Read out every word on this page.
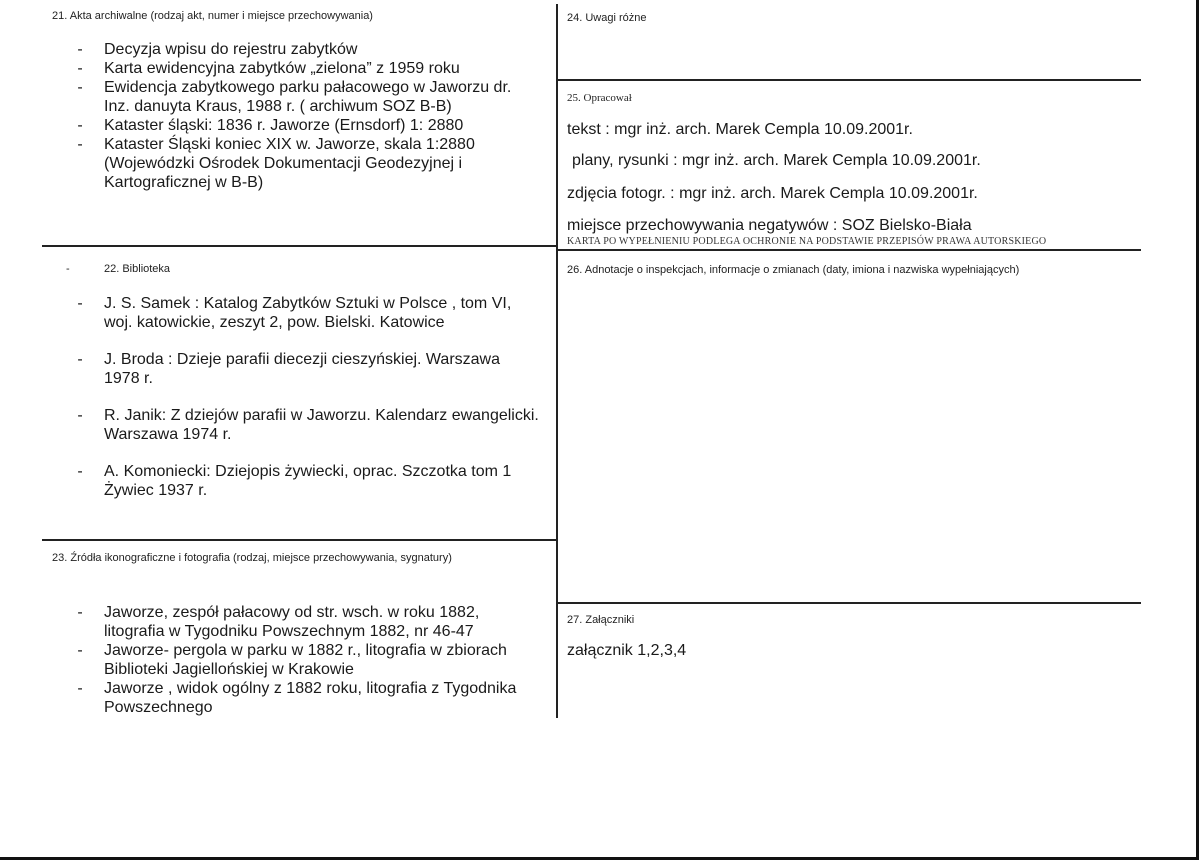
21. Akta archiwalne (rodzaj akt, numer i miejsce przechowywania)
-	Decyzja wpisu do rejestru zabytków
-	Karta ewidencyjna zabytków „zielona” z 1959 roku
-	Ewidencja zabytkowego parku pałacowego w Jaworzu dr. Inz. danuyta Kraus, 1988 r. ( archiwum SOZ B-B)
-	Kataster śląski: 1836 r. Jaworze (Ernsdorf) 1: 2880
-	Kataster Śląski koniec XIX w. Jaworze, skala 1:2880 (Wojewódzki Ośrodek Dokumentacji Geodezyjnej i Kartograficznej w B-B)
-	22. Biblioteka
-	J. S. Samek : Katalog Zabytków Sztuki w Polsce , tom VI, woj. katowickie, zeszyt 2, pow. Bielski. Katowice
-	J. Broda : Dzieje parafii diecezji cieszyńskiej. Warszawa 1978 r.
-	R. Janik: Z dziejów parafii w Jaworzu. Kalendarz ewangelicki. Warszawa 1974 r.
-	A. Komoniecki: Dziejopis żywiecki, oprac. Szczotka tom 1 Żywiec 1937 r.
23. Źródła ikonograficzne i fotografia (rodzaj, miejsce przechowywania, sygnatury)
-	Jaworze, zespół pałacowy od str. wsch. w roku 1882, litografia w Tygodniku Powszechnym 1882, nr 46-47
-	Jaworze- pergola w parku w 1882 r., litografia w zbiorach Biblioteki Jagiellońskiej w Krakowie
-	Jaworze , widok ogólny z 1882 roku, litografia z Tygodnika Powszechnego
24. Uwagi różne
25. Opracował
tekst : mgr inż. arch. Marek Cempla 10.09.2001r.
plany, rysunki : mgr inż. arch. Marek Cempla 10.09.2001r.
zdjęcia fotogr. : mgr inż. arch. Marek Cempla 10.09.2001r.
miejsce przechowywania negatywów : SOZ Bielsko-Biała
KARTA PO WYPEŁNIENIU PODLEGA OCHRONIE NA PODSTAWIE PRZEPISÓW PRAWA AUTORSKIEGO
26. Adnotacje o inspekcjach, informacje o zmianach (daty, imiona i nazwiska wypełniających)
27. Załączniki
załącznik 1,2,3,4
